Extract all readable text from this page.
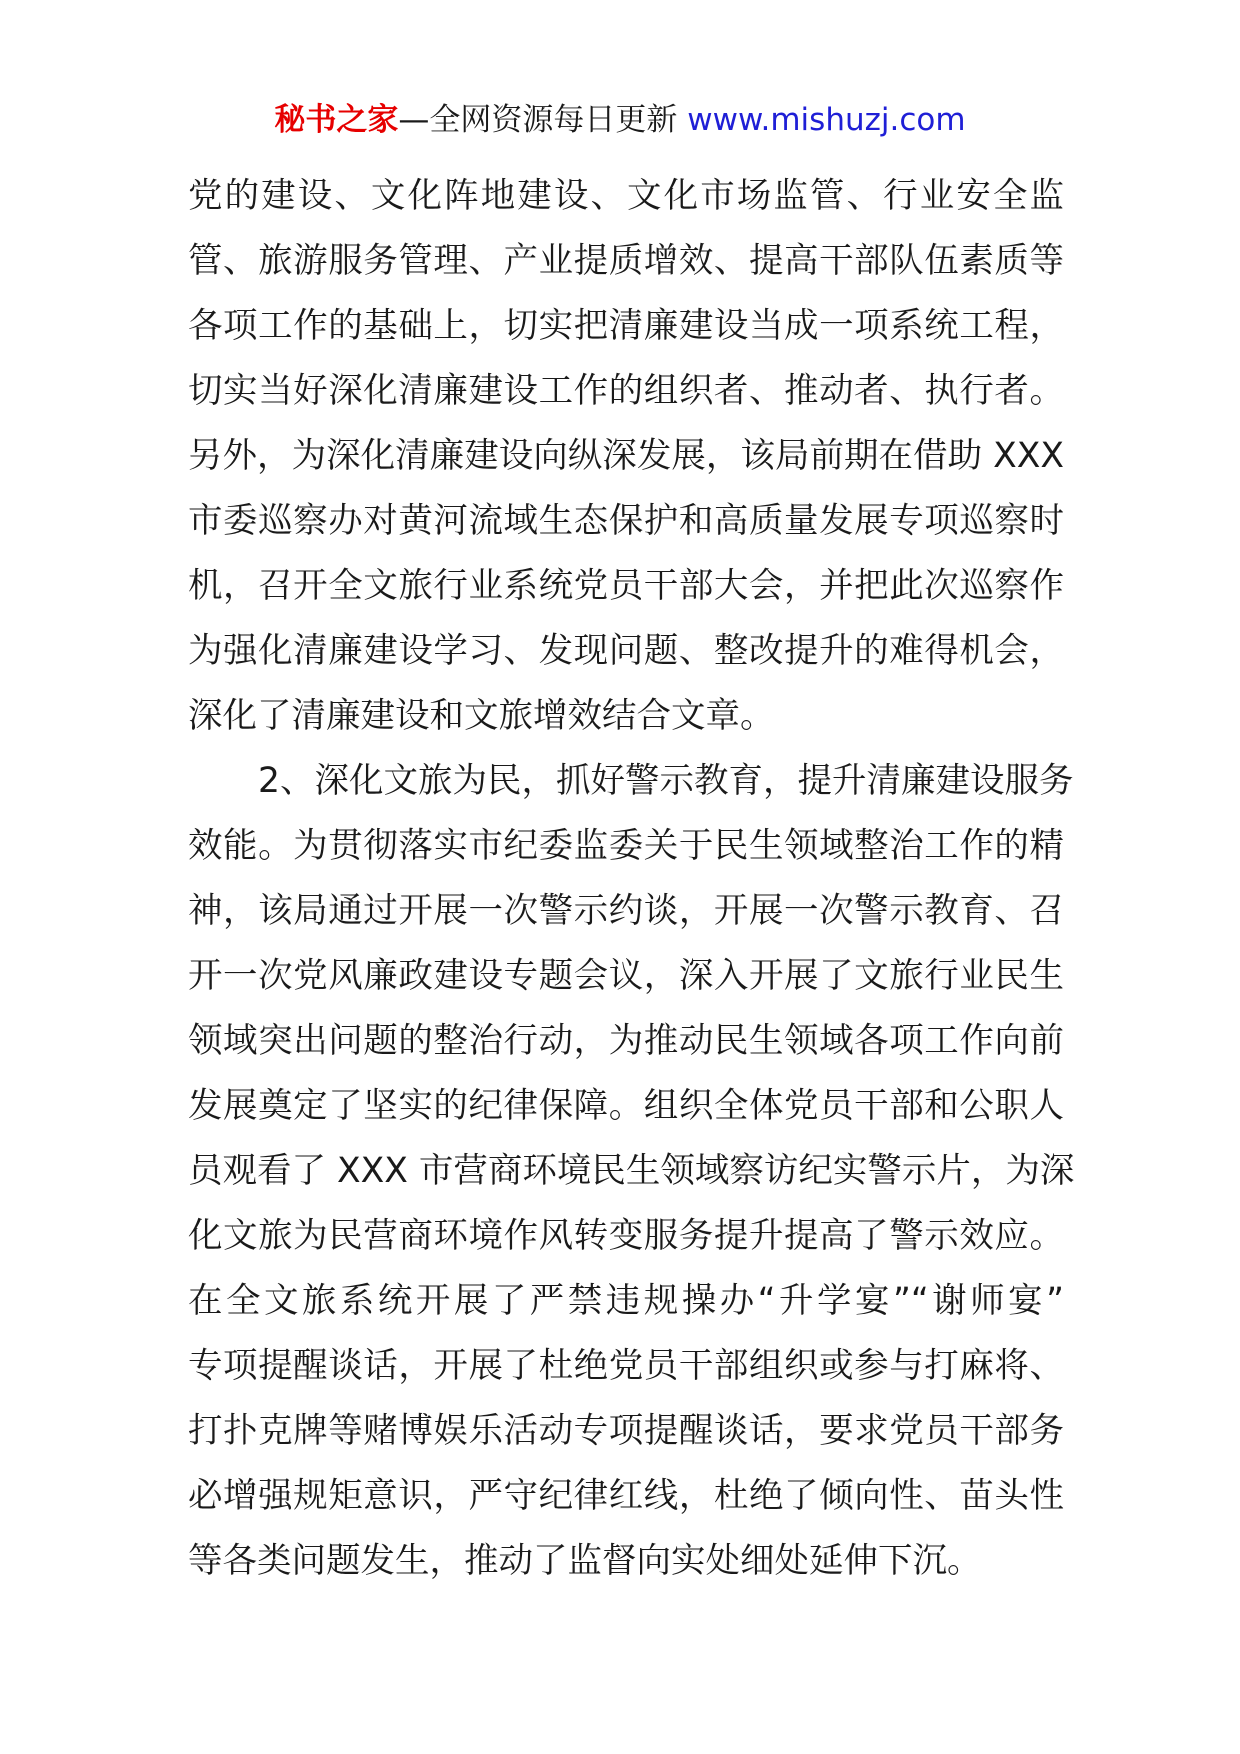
秘书之家—全网资源每日更新 www.mishuzj.com
党的建设、文化阵地建设、文化市场监管、行业安全监
管、旅游服务管理、产业提质增效、提高干部队伍素质等
各项工作的基础上，切实把清廉建设当成一项系统工程，
切实当好深化清廉建设工作的组织者、推动者、执行者。
另外，为深化清廉建设向纵深发展，该局前期在借助 XXX
市委巡察办对黄河流域生态保护和高质量发展专项巡察时
机，召开全文旅行业系统党员干部大会，并把此次巡察作
为强化清廉建设学习、发现问题、整改提升的难得机会，
深化了清廉建设和文旅增效结合文章。
2、深化文旅为民，抓好警示教育，提升清廉建设服务
效能。为贯彻落实市纪委监委关于民生领域整治工作的精
神，该局通过开展一次警示约谈，开展一次警示教育、召
开一次党风廉政建设专题会议，深入开展了文旅行业民生
领域突出问题的整治行动，为推动民生领域各项工作向前
发展奠定了坚实的纪律保障。组织全体党员干部和公职人
员观看了 XXX 市营商环境民生领域察访纪实警示片，为深
化文旅为民营商环境作风转变服务提升提高了警示效应。
在全文旅系统开展了严禁违规操办“升学宴”“谢师宴”
专项提醒谈话，开展了杜绝党员干部组织或参与打麻将、
打扑克牌等赌博娱乐活动专项提醒谈话，要求党员干部务
必增强规矩意识，严守纪律红线，杜绝了倾向性、苗头性
等各类问题发生，推动了监督向实处细处延伸下沉。
